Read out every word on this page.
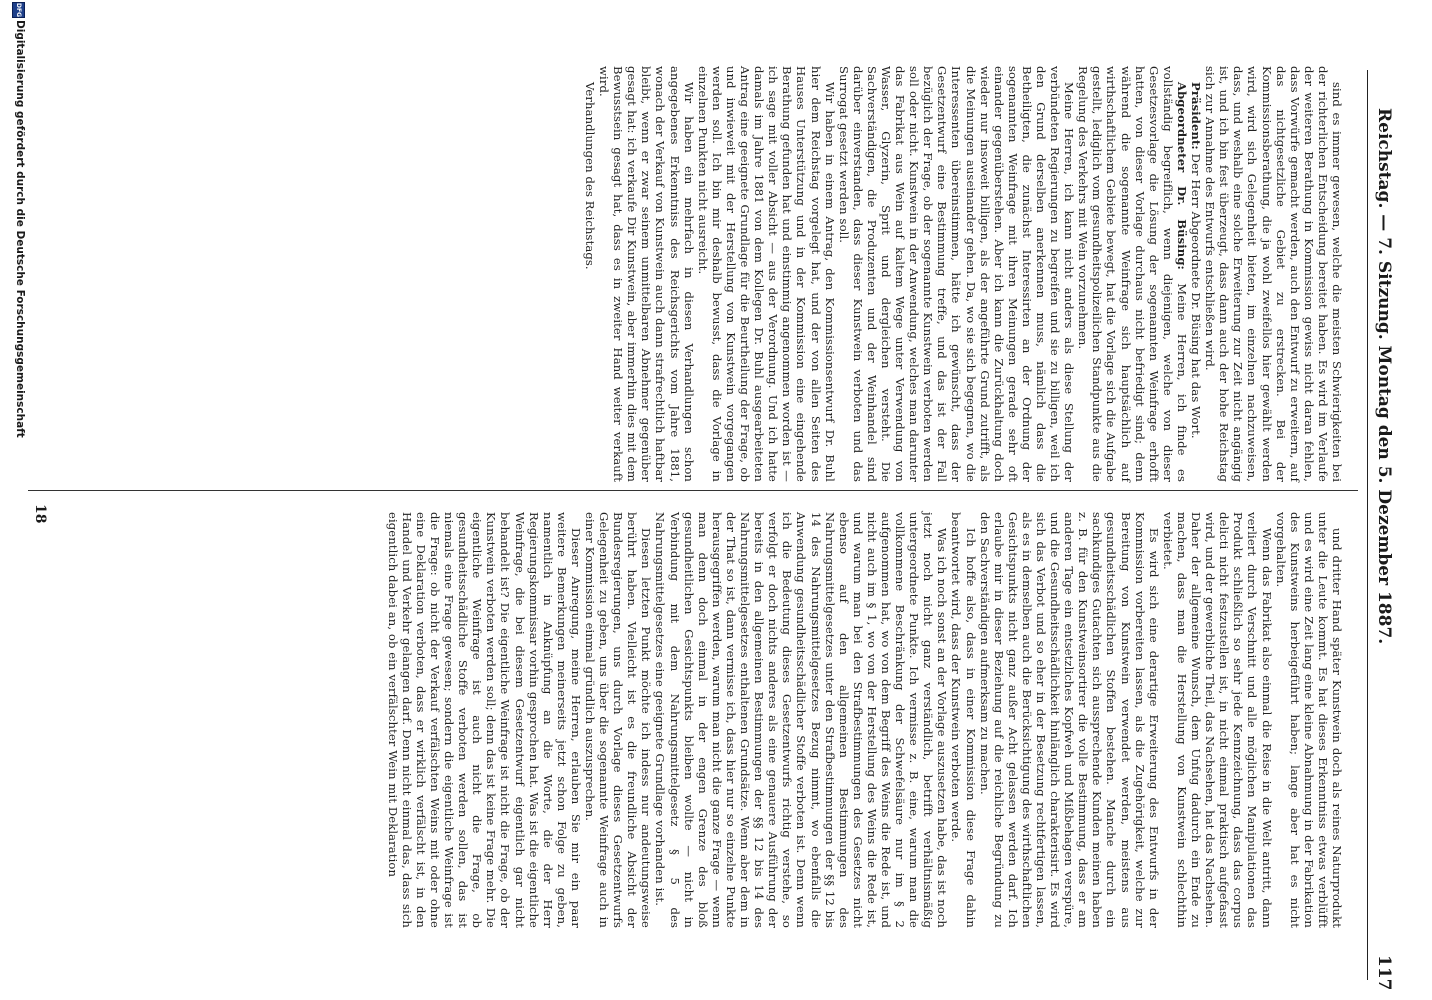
Reichstag. — 7. Sitzung. Montag den 5. Dezember 1887.
117

sind es immer gewesen, welche die meisten Schwierigkeiten bei der richterlichen Entscheidung bereitet haben. Es wird im Verlaufe der weiteren Berathung in Kommission gewiss nicht daran fehlen, dass Vorwürfe gemacht werden, auch den Entwurf zu erweitern, auf das nichtgesetzliche Gebiet zu erstrecken. Bei der Kommissionsberathung, die ja wohl zweifellos hier gewählt werden wird, wird sich Gelegenheit bieten, im einzelnen nachzuweisen, dass, und weshalb eine solche Erweiterung zur Zeit nicht angängig ist, und ich bin fest überzeugt, dass dann auch der hohe Reichstag sich zur Annahme des Entwurfs entschließen wird.

Präsident: Der Herr Abgeordnete Dr. Büsing hat das Wort.

Abgeordneter Dr. Büsing: Meine Herren, ich finde es vollständig begreiflich, wenn diejenigen, welche von dieser Gesetzesvorlage die Lösung der sogenannten Weinfrage erhofft hatten, von dieser Vorlage durchaus nicht befriedigt sind; denn während die sogenannte Weinfrage sich hauptsächlich auf wirthschaftlichem Gebiete bewegt, hat die Vorlage sich die Aufgabe gestellt, lediglich vom gesundheitspolizeilichen Standpunkte aus die Regelung des Verkehrs mit Wein vorzunehmen.

Meine Herren, ich kann nicht anders als diese Stellung der verbündeten Regierungen zu begreifen und sie zu billigen, weil ich den Grund derselben anerkennen muss, nämlich dass die Betheiligten, die zunächst Interessirten an der Ordnung der sogenannten Weinfrage mit ihren Meinungen gerade sehr oft einander gegenüberstehen. Aber ich kann die Zurückhaltung doch wieder nur insoweit billigen, als der angeführte Grund zutrifft, als die Meinungen auseinander gehen. Da, wo sie sich begegnen, wo die Interessenten übereinstimmen, hätte ich gewünscht, dass der Gesetzentwurf eine Bestimmung treffe, und das ist der Fall bezüglich der Frage, ob der sogenannte Kunstwein verboten werden soll oder nicht. Kunstwein in der Anwendung, welches man darunter das Fabrikat aus Wein auf kaltem Wege unter Verwendung von Wasser, Glyzerin, Sprit und dergleichen versteht. Die Sachverständigen, die Produzenten und der Weinhandel sind darüber einverstanden, dass dieser Kunstwein verboten und das Surrogat gesetzt werden soll.

Wir haben in einem Antrag, den Kommissionsentwurf Dr. Buhl hier dem Reichstag vorgelegt hat, und der von allen Seiten des Hauses Unterstützung und in der Kommission eine eingehende Berathung gefunden hat und einstimmig angenommen worden ist — ich sage mit voller Absicht — aus der Verordnung. Und ich hatte damals im Jahre 1881 von dem Kollegen Dr. Buhl ausgearbeiteten Antrag eine geeignete Grundlage für die Beurtheilung der Frage, ob und inwieweit mit der Herstellung von Kunstwein vorgegangen werden soll. Ich bin mir deshalb bewusst, dass die Vorlage in einzelnen Punkten nicht ausreicht.

Wir haben ein mehrfach in diesen Verhandlungen schon angegebenes Erkenntniss des Reichsgerichts vom Jahre 1881, wonach der Verkauf von Kunstwein auch dann strafrechtlich haftbar bleibt, wenn er zwar seinem unmittelbaren Abnehmer gegenüber gesagt hat: ich verkaufe Dir Kunstwein, aber immerhin dies mit dem Bewusstsein gesagt hat, dass es in zweiter Hand weiter verkauft wird.

Verhandlungen des Reichstags.

und dritter Hand später Kunstwein doch als reines Naturprodukt unter die Leute kommt. Es hat dieses Erkenntniss etwas verblüfft und es wird eine Zeit lang eine kleine Abnahmung in der Fabrikation des Kunstweins herbeigeführt haben; lange aber hat es nicht vorgehalten.

Wenn das Fabrikat also einmal die Reise in die Welt antritt, dann verliert durch Verschnitt und alle möglichen Manipulationen das Produkt schließlich so sehr jede Kennzeichnung, dass das corpus delicti nicht festzustellen ist, in nicht einmal praktisch aufgefasst wird, und der gewerbliche Theil, das Nachsehen, hat das Nachsehen. Daher der allgemeine Wunsch, dem Unfug dadurch ein Ende zu machen, dass man die Herstellung von Kunstwein schlechthin verbietet.

Es wird sich eine derartige Erweiterung des Entwurfs in der Kommission vorbereiten lassen, als die Zugehörigkeit, welche zur Bereitung von Kunstwein verwendet werden, meistens aus gesundheitsschädlichen Stoffen bestehen. Manche durch ein sachkundiges Gutachten sich aussprechende Kunden meinen haben z. B. für den Kunstweinsortirer die volle Bestimmung, dass er am anderen Tage ein entsetzliches Kopfweh und Mißbehagen verspüre, und die Gesundheitsschädlichkeit hinlänglich charakterisirt. Es wird sich das Verbot und so eher in der Besetzung rechtfertigen lassen, als es in demselben auch die Berücksichtigung des wirthschaftlichen Gesichtspunkts nicht ganz außer Acht gelassen werden darf. Ich erlaube mir in dieser Beziehung auf die reichliche Begründung zu den Sachverständigen aufmerksam zu machen.

Ich hoffe also, dass in einer Kommission diese Frage dahin beantwortet wird, dass der Kunstwein verboten werde.

Was ich noch sonst an der Vorlage auszusetzen habe, das ist noch jetzt noch nicht ganz verständlich, betrifft verhältnismäßig untergeordnete Punkte. Ich vermisse z. B. eine, warum man die vollkommene Beschränkung der Schwefelsäure nur im § 2 aufgenommen hat, wo von dem Begriff des Weins die Rede ist, und nicht auch im § 1, wo von der Herstellung des Weins die Rede ist, und warum man bei den Strafbestimmungen des Gesetzes nicht ebenso auf den allgemeinen Bestimmungen des Nahrungsmittelgesetzes unter den Strafbestimmungen der §§ 12 bis 14 des Nahrungsmittelgesetzes Bezug nimmt, wo ebenfalls die Anwendung gesundheitsschädlicher Stoffe verboten ist. Denn wenn ich die Bedeutung dieses Gesetzentwurfs richtig verstehe, so verfolgt er doch nichts anderes als eine genauere Ausführung der bereits in den allgemeinen Bestimmungen der §§ 12 bis 14 des Nahrungsmittelgesetzes enthaltenen Grundsätze. Wenn aber dem in der That so ist, dann vermisse ich, dass hier nur so einzelne Punkte herausgegriffen werden, warum man nicht die ganze Frage — wenn man denn doch einmal in der engen Grenze des bloß gesundheitlichen Gesichtspunkts bleiben wollte — nicht in Verbindung mit dem Nahrungsmittelgesetz § 5 des Nahrungsmittelgesetzes eine geeignete Grundlage vorhanden ist.

Diesen letzten Punkt möchte ich indess nur andeutungsweise berührt haben. Vielleicht ist es die freundliche Absicht der Bundesregierungen, uns durch Vorlage dieses Gesetzentwurfs Gelegenheit zu geben, uns über die sogenannte Weinfrage auch in einer Kommission einmal gründlich auszusprechen.

Dieser Anregung, meine Herren, erlauben Sie mir ein paar weitere Bemerkungen meinerseits jetzt schon Folge zu geben, namentlich in Anknüpfung an die Worte, die der Herr Regierungskommissar vorhin gesprochen hat. Was ist die eigentliche Weinfrage, die bei diesem Gesetzentwurf eigentlich gar nicht behandelt ist? Die eigentliche Weinfrage ist nicht die Frage, ob der Kunstwein verboten werden soll; denn das ist keine Frage mehr. Die eigentliche Weinfrage ist auch nicht die Frage, ob gesundheitsschädliche Stoffe verboten werden sollen, das ist niemals eine Frage gewesen; sondern die eigentliche Weinfrage ist die Frage: ob nicht der Verkauf verfälschten Weins mit oder ohne eine Deklaration verboten, dass er wirklich verfälscht ist, in den Handel und Verkehr gelangen darf. Denn nicht einmal das, dass sich eigentlich dabei an, ob ein verfälschter Wein mit Deklaration

18
DFG
Digitalisierung gefördert durch die Deutsche Forschungsgemeinschaft
